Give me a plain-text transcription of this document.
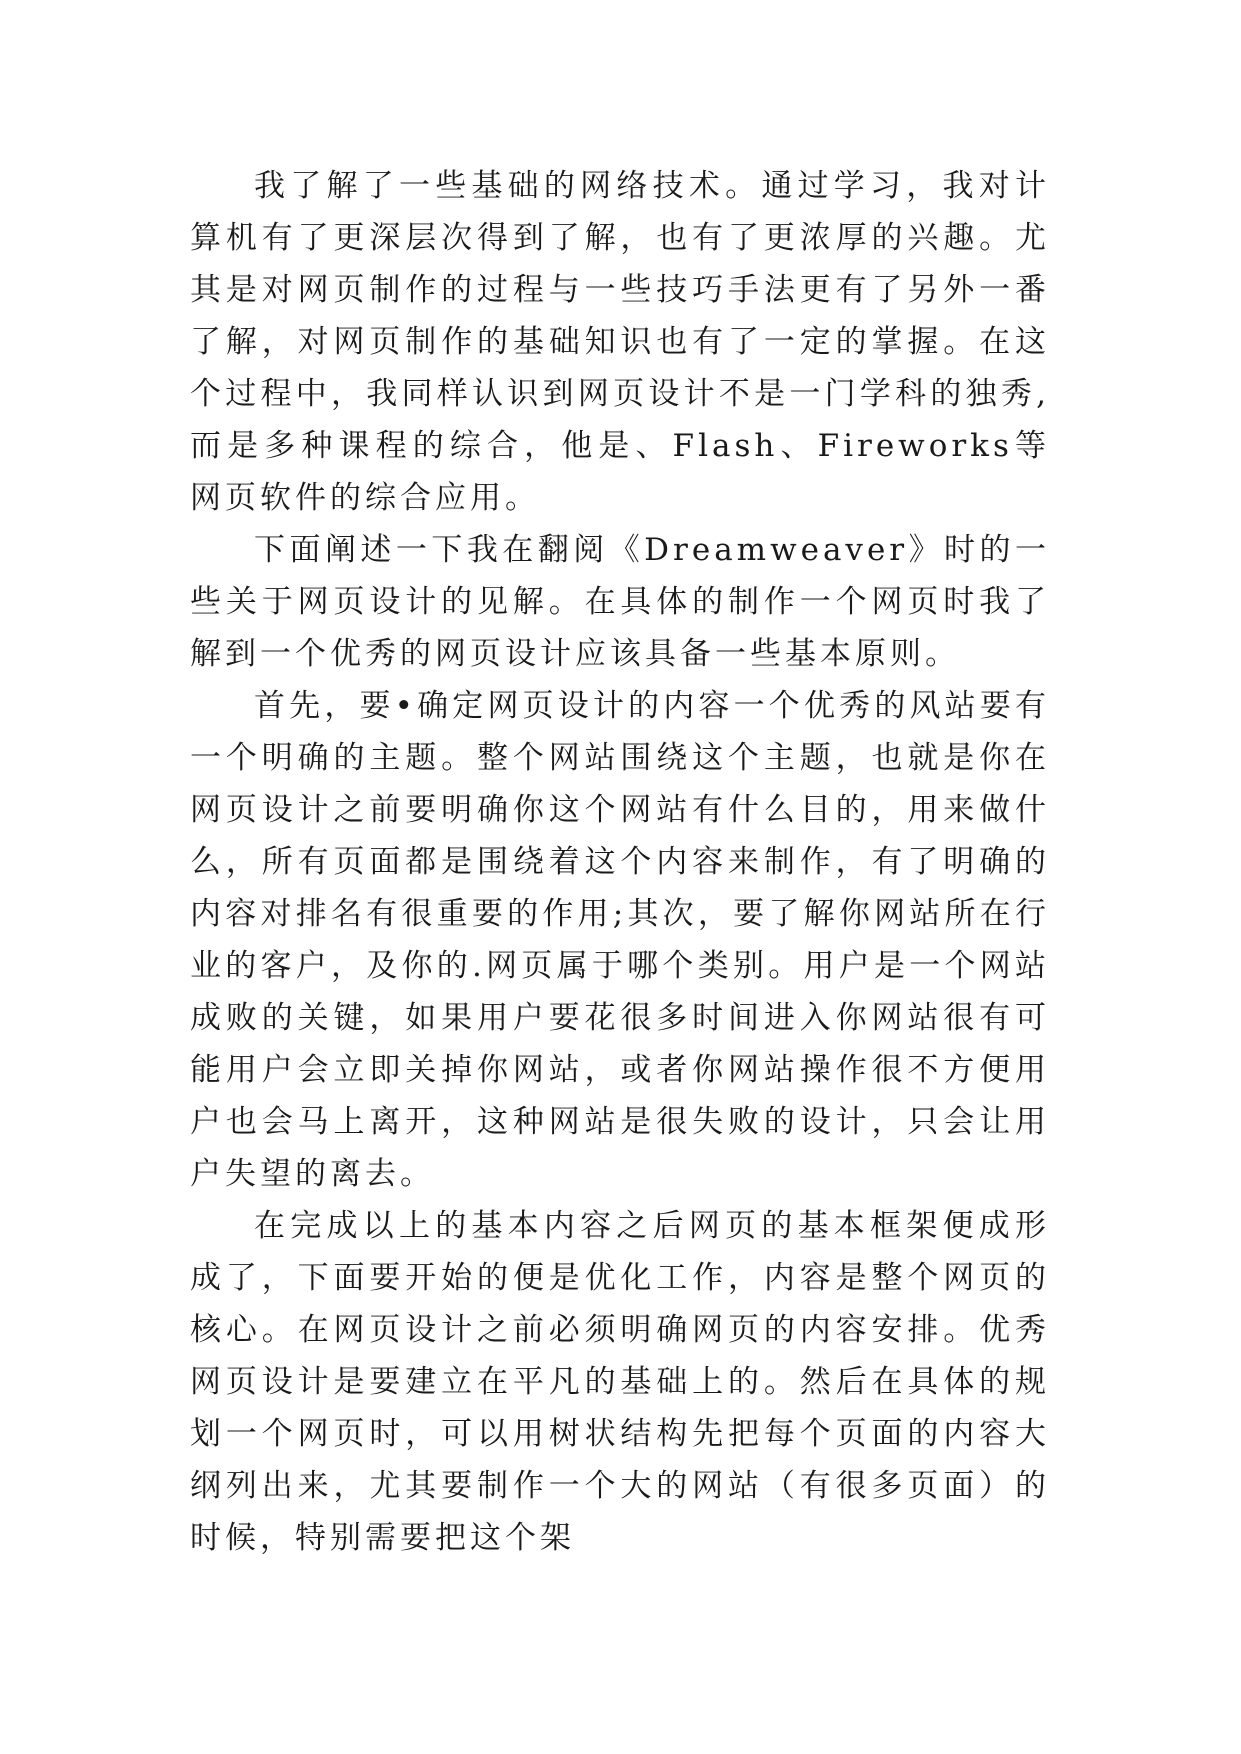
我了解了一些基础的网络技术。通过学习，我对计算机有了更深层次得到了解，也有了更浓厚的兴趣。尤其是对网页制作的过程与一些技巧手法更有了另外一番了解，对网页制作的基础知识也有了一定的掌握。在这个过程中，我同样认识到网页设计不是一门学科的独秀,而是多种课程的综合，他是、Flash、Fireworks等网页软件的综合应用。

下面阐述一下我在翻阅《Dreamweaver》时的一些关于网页设计的见解。在具体的制作一个网页时我了解到一个优秀的网页设计应该具备一些基本原则。

首先，要•确定网页设计的内容一个优秀的风站要有一个明确的主题。整个网站围绕这个主题，也就是你在网页设计之前要明确你这个网站有什么目的，用来做什么，所有页面都是围绕着这个内容来制作，有了明确的内容对排名有很重要的作用;其次，要了解你网站所在行业的客户，及你的.网页属于哪个类别。用户是一个网站成败的关键，如果用户要花很多时间进入你网站很有可能用户会立即关掉你网站，或者你网站操作很不方便用户也会马上离开，这种网站是很失败的设计，只会让用户失望的离去。

在完成以上的基本内容之后网页的基本框架便成形成了，下面要开始的便是优化工作，内容是整个网页的核心。在网页设计之前必须明确网页的内容安排。优秀网页设计是要建立在平凡的基础上的。然后在具体的规划一个网页时，可以用树状结构先把每个页面的内容大纲列出来，尤其要制作一个大的网站（有很多页面）的时候，特别需要把这个架
